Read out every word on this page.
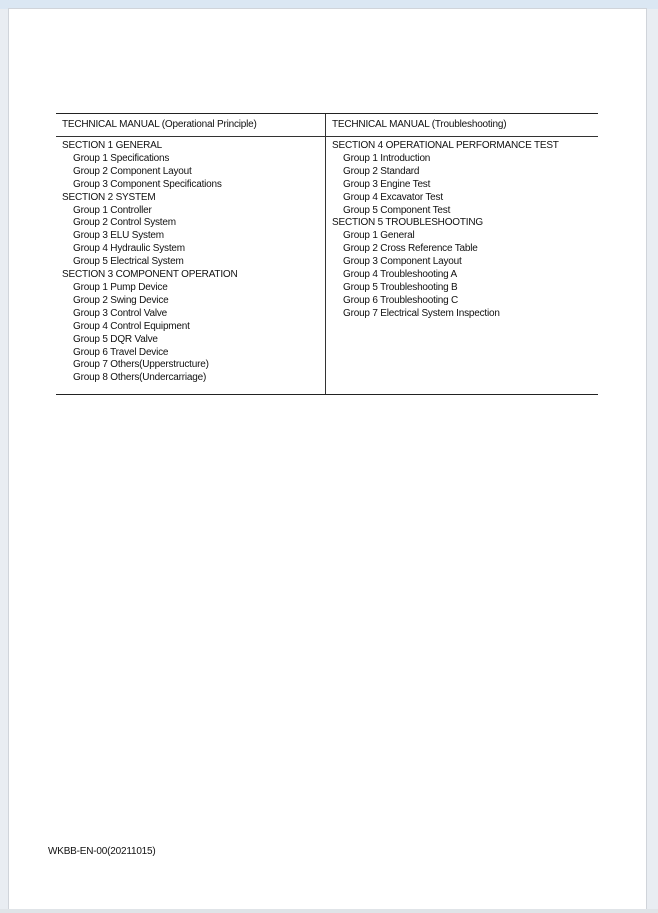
TECHNICAL MANUAL (Operational Principle)
SECTION 1 GENERAL
Group 1 Specifications
Group 2 Component Layout
Group 3 Component Specifications
SECTION 2 SYSTEM
Group 1 Controller
Group 2 Control System
Group 3 ELU System
Group 4 Hydraulic System
Group 5 Electrical System
SECTION 3 COMPONENT OPERATION
Group 1 Pump Device
Group 2 Swing Device
Group 3 Control Valve
Group 4 Control Equipment
Group 5 DQR Valve
Group 6 Travel Device
Group 7 Others(Upperstructure)
Group 8 Others(Undercarriage)
TECHNICAL MANUAL (Troubleshooting)
SECTION 4 OPERATIONAL PERFORMANCE TEST
Group 1 Introduction
Group 2 Standard
Group 3 Engine Test
Group 4 Excavator Test
Group 5 Component Test
SECTION 5 TROUBLESHOOTING
Group 1 General
Group 2 Cross Reference Table
Group 3 Component Layout
Group 4 Troubleshooting A
Group 5 Troubleshooting B
Group 6 Troubleshooting C
Group 7 Electrical System Inspection
WKBB-EN-00(20211015)
